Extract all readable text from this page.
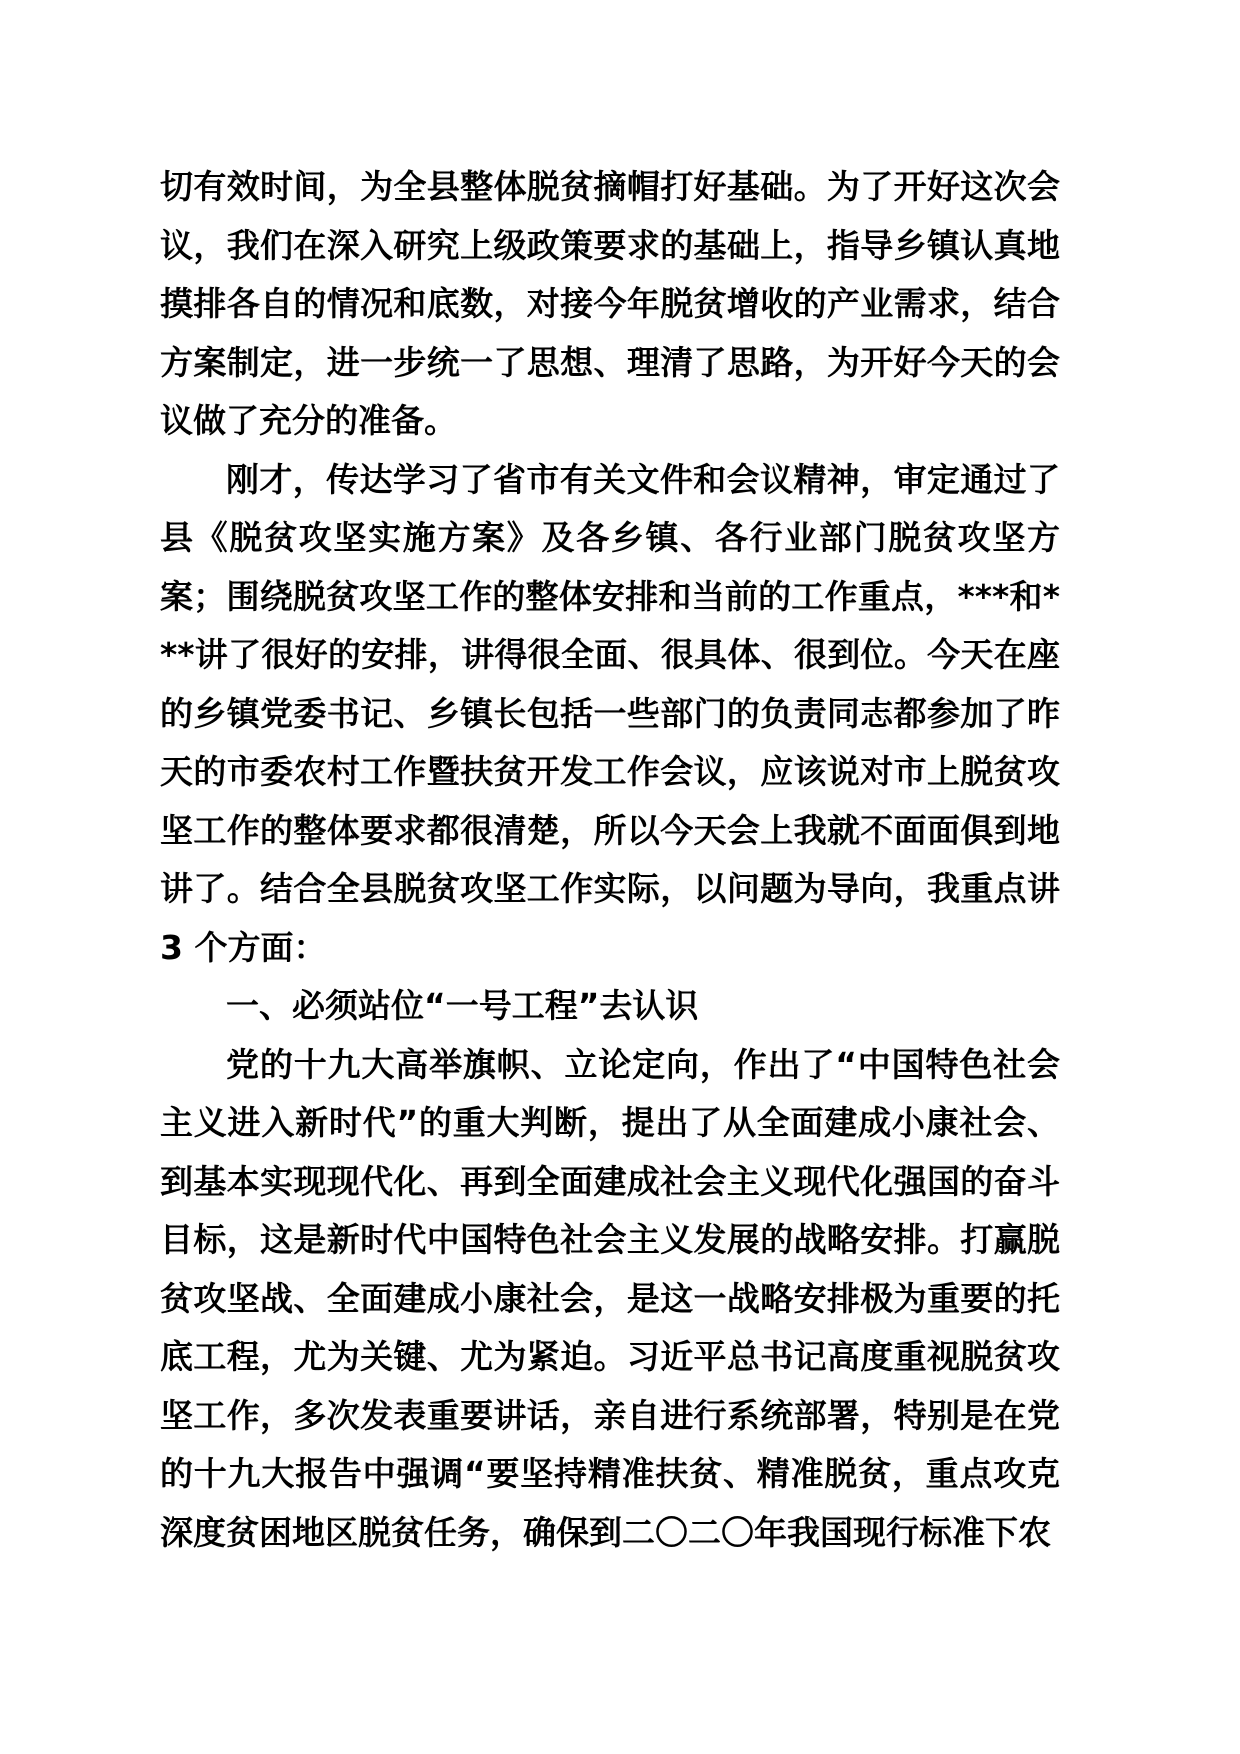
切有效时间，为全县整体脱贫摘帽打好基础。为了开好这次会议，我们在深入研究上级政策要求的基础上，指导乡镇认真地摸排各自的情况和底数，对接今年脱贫增收的产业需求，结合方案制定，进一步统一了思想、理清了思路，为开好今天的会议做了充分的准备。

刚才，传达学习了省市有关文件和会议精神，审定通过了县《脱贫攻坚实施方案》及各乡镇、各行业部门脱贫攻坚方案；围绕脱贫攻坚工作的整体安排和当前的工作重点，***和***讲了很好的安排，讲得很全面、很具体、很到位。今天在座的乡镇党委书记、乡镇长包括一些部门的负责同志都参加了昨天的市委农村工作暨扶贫开发工作会议，应该说对市上脱贫攻坚工作的整体要求都很清楚，所以今天会上我就不面面俱到地讲了。结合全县脱贫攻坚工作实际，以问题为导向，我重点讲 3 个方面：

一、必须站位“一号工程”去认识

党的十九大高举旗帜、立论定向，作出了“中国特色社会主义进入新时代”的重大判断，提出了从全面建成小康社会、到基本实现现代化、再到全面建成社会主义现代化强国的奋斗目标，这是新时代中国特色社会主义发展的战略安排。打赢脱贫攻坚战、全面建成小康社会，是这一战略安排极为重要的托底工程，尤为关键、尤为紧迫。习近平总书记高度重视脱贫攻坚工作，多次发表重要讲话，亲自进行系统部署，特别是在党的十九大报告中强调“要坚持精准扶贫、精准脱贫，重点攻克深度贫困地区脱贫任务，确保到二〇二〇年我国现行标准下农
